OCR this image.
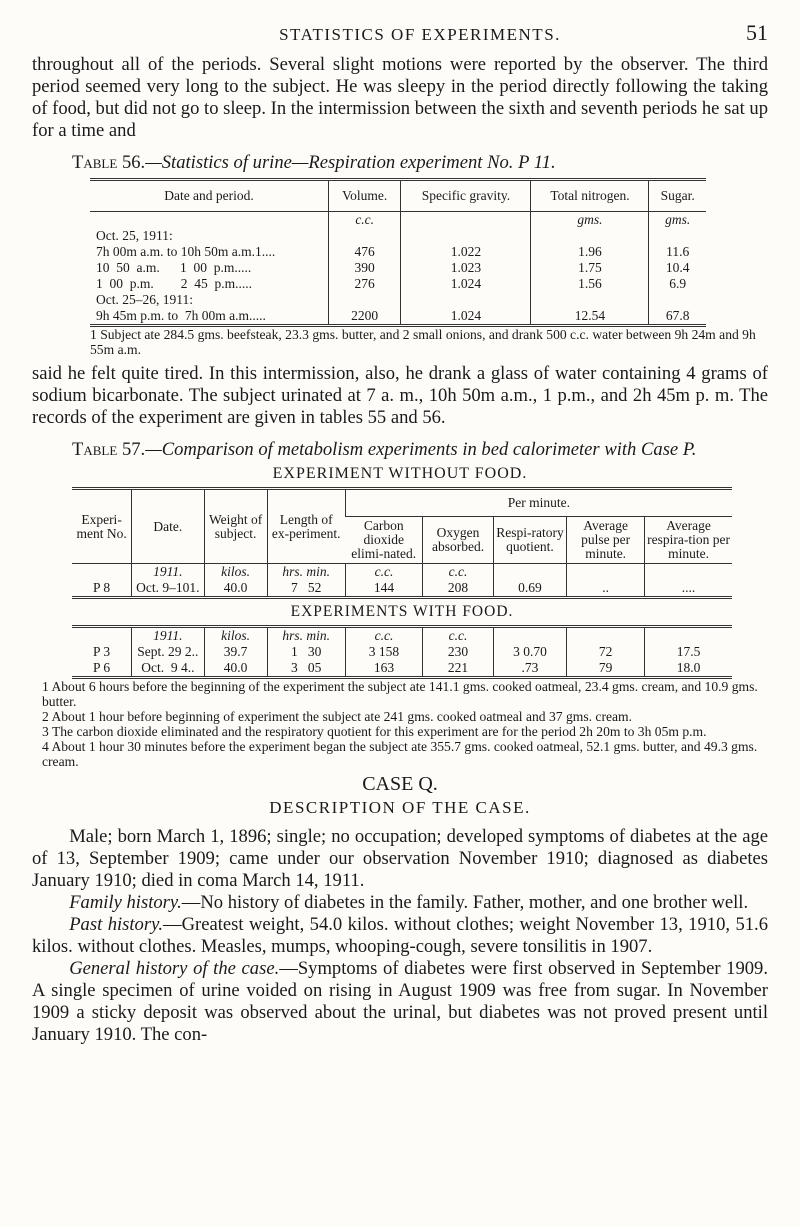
STATISTICS OF EXPERIMENTS.	51

throughout all of the periods. Several slight motions were reported by the observer. The third period seemed very long to the subject. He was sleepy in the period directly following the taking of food, but did not go to sleep. In the intermission between the sixth and seventh periods he sat up for a time and

Table 56.—Statistics of urine—Respiration experiment No. P 11.
Date and period.	Volume.	Specific gravity.	Total nitrogen.	Sugar.
	c.c.		gms.	gms.
Oct. 25, 1911:				
7h 00m a.m. to 10h 50m a.m.1....	476	1.022	1.96	11.6
10  50  a.m.      1  00  p.m.....	390	1.023	1.75	10.4
1  00  p.m.        2  45  p.m.....	276	1.024	1.56	6.9
Oct. 25–26, 1911:				
9h 45m p.m. to  7h 00m a.m.....	2200	1.024	12.54	67.8
1 Subject ate 284.5 gms. beefsteak, 23.3 gms. butter, and 2 small onions, and drank 500 c.c. water between 9h 24m and 9h 55m a.m.

said he felt quite tired. In this intermission, also, he drank a glass of water containing 4 grams of sodium bicarbonate. The subject urinated at 7 a. m., 10h 50m a.m., 1 p.m., and 2h 45m p. m. The records of the experiment are given in tables 55 and 56.

Table 57.—Comparison of metabolism experiments in bed calorimeter with Case P.
EXPERIMENT WITHOUT FOOD.
Experi-ment No.	Date.	Weight of subject.	Length of ex-periment.	Per minute.				
				Carbon dioxide elimi-nated.	Oxygen absorbed.	Respi-ratory quotient.	Average pulse per minute.	Average respira-tion per minute.
	1911.	kilos.	hrs. min.	c.c.	c.c.			
P 8	Oct. 9–101.	40.0	7   52	144	208	0.69	..	....
EXPERIMENTS WITH FOOD.								
	1911.	kilos.	hrs. min.	c.c.	c.c.			
P 3	Sept. 29 2..	39.7	1   30	3 158	230	3 0.70	72	17.5
P 6	Oct.  9 4..	40.0	3   05	163	221	.73	79	18.0
1 About 6 hours before the beginning of the experiment the subject ate 141.1 gms. cooked oatmeal, 23.4 gms. cream, and 10.9 gms. butter.
2 About 1 hour before beginning of experiment the subject ate 241 gms. cooked oatmeal and 37 gms. cream.
3 The carbon dioxide eliminated and the respiratory quotient for this experiment are for the period 2h 20m to 3h 05m p.m.
4 About 1 hour 30 minutes before the experiment began the subject ate 355.7 gms. cooked oatmeal, 52.1 gms. butter, and 49.3 gms. cream.
CASE Q.
DESCRIPTION OF THE CASE.

Male; born March 1, 1896; single; no occupation; developed symptoms of diabetes at the age of 13, September 1909; came under our observation November 1910; diagnosed as diabetes January 1910; died in coma March 14, 1911.

Family history.—No history of diabetes in the family. Father, mother, and one brother well.

Past history.—Greatest weight, 54.0 kilos. without clothes; weight November 13, 1910, 51.6 kilos. without clothes. Measles, mumps, whooping-cough, severe tonsilitis in 1907.

General history of the case.—Symptoms of diabetes were first observed in September 1909. A single specimen of urine voided on rising in August 1909 was free from sugar. In November 1909 a sticky deposit was observed about the urinal, but diabetes was not proved present until January 1910. The con-
